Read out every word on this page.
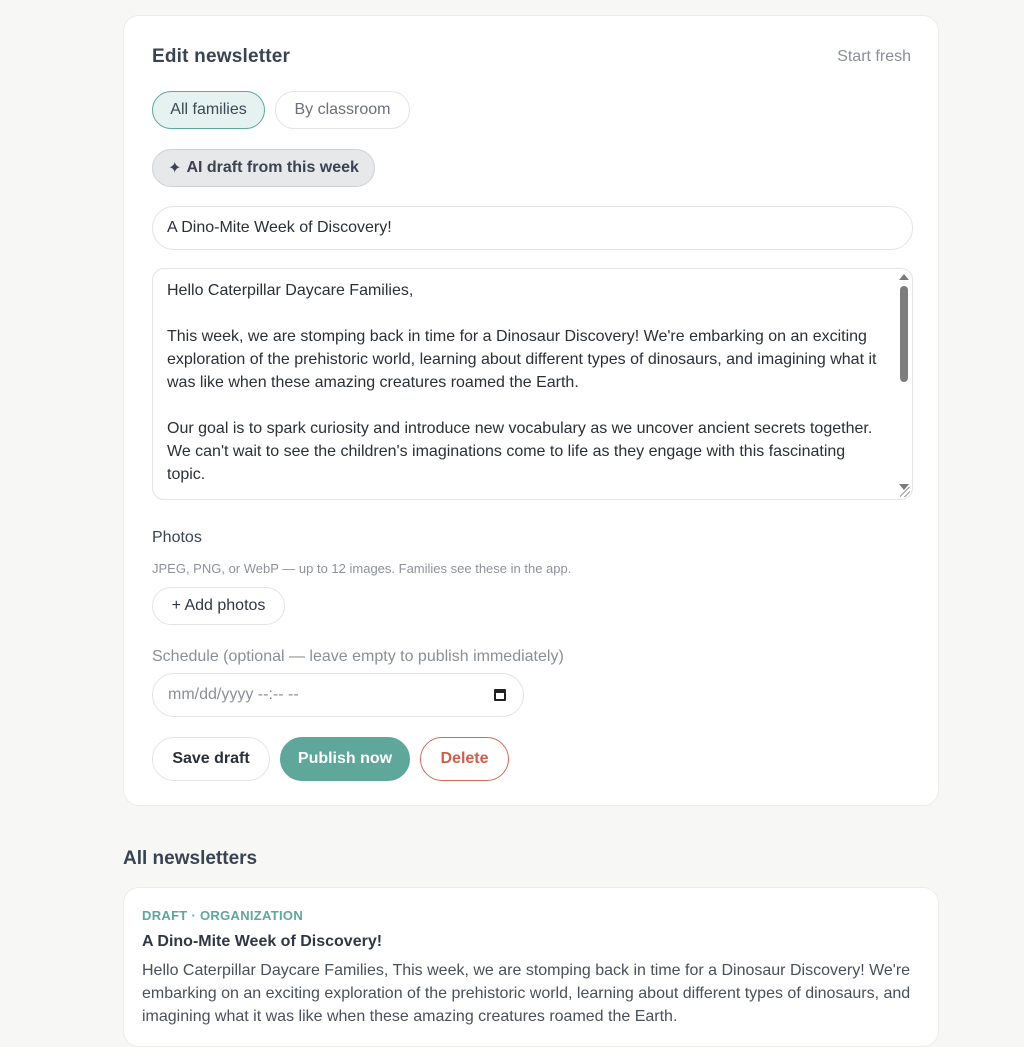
Edit newsletter	Start fresh
All families	By classroom
✦ AI draft from this week
A Dino-Mite Week of Discovery!
Hello Caterpillar Daycare Families,

This week, we are stomping back in time for a Dinosaur Discovery! We're embarking on an exciting exploration of the prehistoric world, learning about different types of dinosaurs, and imagining what it was like when these amazing creatures roamed the Earth.

Our goal is to spark curiosity and introduce new vocabulary as we uncover ancient secrets together. We can't wait to see the children's imaginations come to life as they engage with this fascinating topic.
Photos
JPEG, PNG, or WebP — up to 12 images. Families see these in the app.
+ Add photos
Schedule (optional — leave empty to publish immediately)
mm/dd/yyyy --:-- --
Save draft	Publish now	Delete
All newsletters
DRAFT · ORGANIZATION
A Dino-Mite Week of Discovery!
Hello Caterpillar Daycare Families, This week, we are stomping back in time for a Dinosaur Discovery! We're embarking on an exciting exploration of the prehistoric world, learning about different types of dinosaurs, and imagining what it was like when these amazing creatures roamed the Earth.
